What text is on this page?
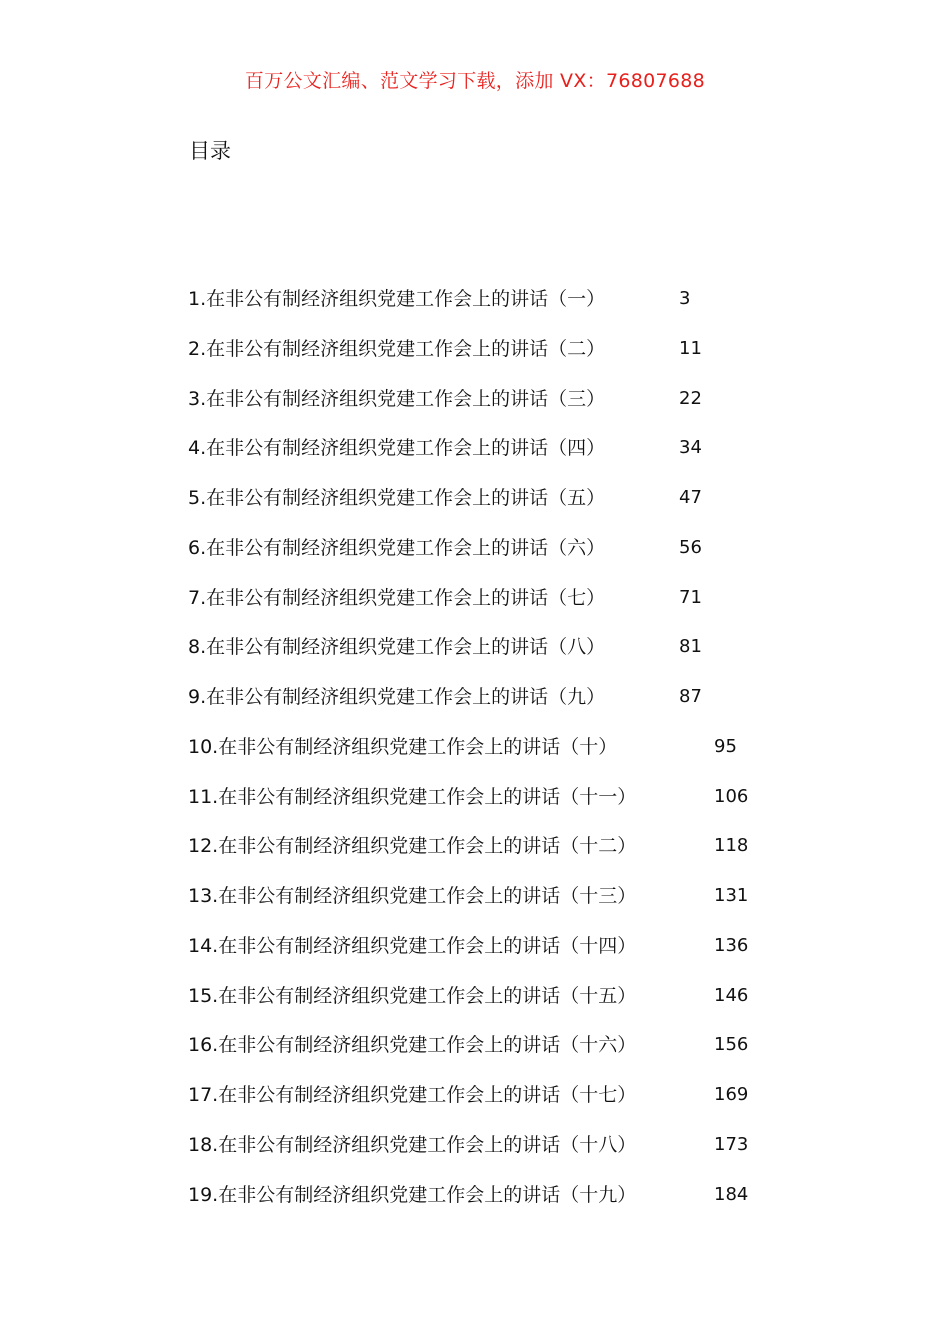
百万公文汇编、范文学习下载，添加 VX：76807688
目录
1.在非公有制经济组织党建工作会上的讲话（一）	3
2.在非公有制经济组织党建工作会上的讲话（二）	11
3.在非公有制经济组织党建工作会上的讲话（三）	22
4.在非公有制经济组织党建工作会上的讲话（四）	34
5.在非公有制经济组织党建工作会上的讲话（五）	47
6.在非公有制经济组织党建工作会上的讲话（六）	56
7.在非公有制经济组织党建工作会上的讲话（七）	71
8.在非公有制经济组织党建工作会上的讲话（八）	81
9.在非公有制经济组织党建工作会上的讲话（九）	87
10.在非公有制经济组织党建工作会上的讲话（十）	95
11.在非公有制经济组织党建工作会上的讲话（十一）	106
12.在非公有制经济组织党建工作会上的讲话（十二）	118
13.在非公有制经济组织党建工作会上的讲话（十三）	131
14.在非公有制经济组织党建工作会上的讲话（十四）	136
15.在非公有制经济组织党建工作会上的讲话（十五）	146
16.在非公有制经济组织党建工作会上的讲话（十六）	156
17.在非公有制经济组织党建工作会上的讲话（十七）	169
18.在非公有制经济组织党建工作会上的讲话（十八）	173
19.在非公有制经济组织党建工作会上的讲话（十九）	184
